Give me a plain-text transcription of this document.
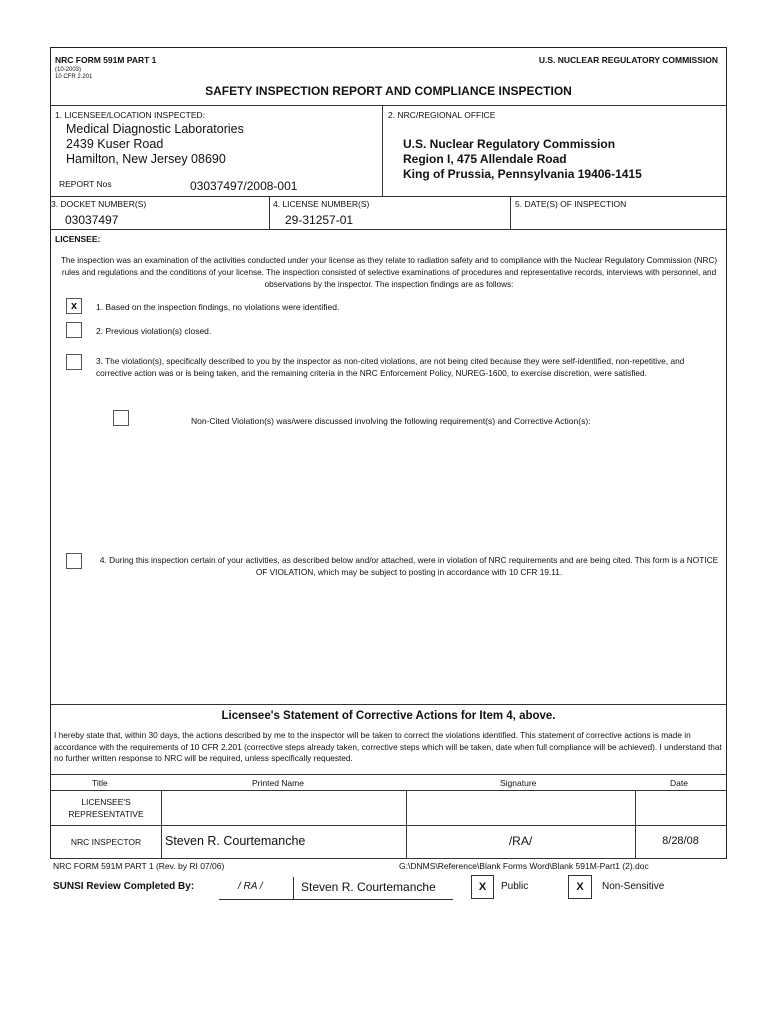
NRC FORM 591M PART 1
(10-2003)
10 CFR 2.201
U.S. NUCLEAR REGULATORY COMMISSION
SAFETY INSPECTION REPORT AND COMPLIANCE INSPECTION
1. LICENSEE/LOCATION INSPECTED:
Medical Diagnostic Laboratories
2439 Kuser Road
Hamilton, New Jersey 08690
REPORT Nos	03037497/2008-001
2. NRC/REGIONAL OFFICE
U.S. Nuclear Regulatory Commission
Region I, 475 Allendale Road
King of Prussia, Pennsylvania 19406-1415
3. DOCKET NUMBER(S)
03037497
4. LICENSE NUMBER(S)
29-31257-01
5. DATE(S) OF INSPECTION
LICENSEE:
The inspection was an examination of the activities conducted under your license as they relate to radiation safety and to compliance with the Nuclear Regulatory Commission (NRC) rules and regulations and the conditions of your license. The inspection consisted of selective examinations of procedures and representative records, interviews with personnel, and observations by the inspector. The inspection findings are as follows:
x	1. Based on the inspection findings, no violations were identified.
2. Previous violation(s) closed.
3. The violation(s), specifically described to you by the inspector as non-cited violations, are not being cited because they were self-identified, non-repetitive, and corrective action was or is being taken, and the remaining criteria in the NRC Enforcement Policy, NUREG-1600, to exercise discretion, were satisfied.
Non-Cited Violation(s) was/were discussed involving the following requirement(s) and Corrective Action(s):
4. During this inspection certain of your activities, as described below and/or attached, were in violation of NRC requirements and are being cited. This form is a NOTICE OF VIOLATION, which may be subject to posting in accordance with 10 CFR 19.11.
Licensee's Statement of Corrective Actions for Item 4, above.
I hereby state that, within 30 days, the actions described by me to the inspector will be taken to correct the violations identified. This statement of corrective actions is made in accordance with the requirements of 10 CFR 2.201 (corrective steps already taken, corrective steps which will be taken, date when full compliance will be achieved). I understand that no further written response to NRC will be required, unless specifically requested.
Title	Printed Name	Signature	Date
LICENSEE'S
REPRESENTATIVE
NRC INSPECTOR	Steven R. Courtemanche	/RA/	8/28/08
NRC FORM 591M PART 1 (Rev. by RI 07/06)	G:\DNMS\Reference\Blank Forms Word\Blank 591M-Part1 (2).doc
SUNSI Review Completed By:	/ RA /	Steven R. Courtemanche	X	Public	X	Non-Sensitive
